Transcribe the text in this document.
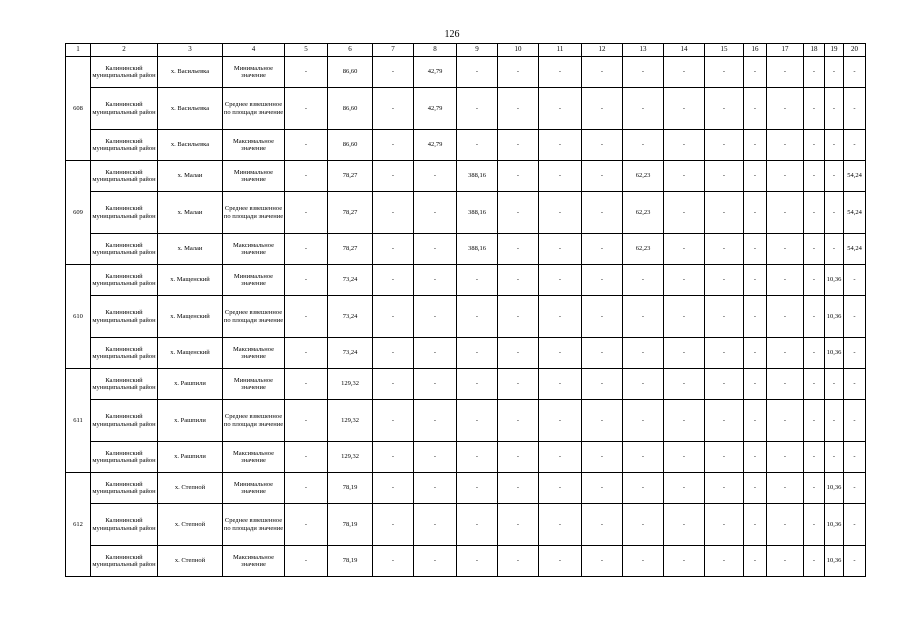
126
1	2	3	4	5	6	7	8	9	10	11	12	13	14	15	16	17	18	19	20
608	Калининский муниципальный район	х. Васильевка	Минимальное значение	-	86,60	-	42,79	-	-	-	-	-	-	-	-	-	-	-	-
	Калининский муниципальный район	х. Васильевка	Среднее взвешенное по площади значение	-	86,60	-	42,79	-	-	-	-	-	-	-	-	-	-	-	-
	Калининский муниципальный район	х. Васильевка	Максимальное значение	-	86,60	-	42,79	-	-	-	-	-	-	-	-	-	-	-	-
609	Калининский муниципальный район	х. Малаи	Минимальное значение	-	78,27	-	-	388,16	-	-	-	62,23	-	-	-	-	-	-	54,24
	Калининский муниципальный район	х. Малаи	Среднее взвешенное по площади значение	-	78,27	-	-	388,16	-	-	-	62,23	-	-	-	-	-	-	54,24
	Калининский муниципальный район	х. Малаи	Максимальное значение	-	78,27	-	-	388,16	-	-	-	62,23	-	-	-	-	-	-	54,24
610	Калининский муниципальный район	х. Мащенский	Минимальное значение	-	73,24	-	-	-	-	-	-	-	-	-	-	-	-	10,36	-
	Калининский муниципальный район	х. Мащенский	Среднее взвешенное по площади значение	-	73,24	-	-	-	-	-	-	-	-	-	-	-	-	10,36	-
	Калининский муниципальный район	х. Мащенский	Максимальное значение	-	73,24	-	-	-	-	-	-	-	-	-	-	-	-	10,36	-
611	Калининский муниципальный район	х. Рашпили	Минимальное значение	-	129,32	-	-	-	-	-	-	-	-	-	-	-	-	-	-
	Калининский муниципальный район	х. Рашпили	Среднее взвешенное по площади значение	-	129,32	-	-	-	-	-	-	-	-	-	-	-	-	-	-
	Калининский муниципальный район	х. Рашпили	Максимальное значение	-	129,32	-	-	-	-	-	-	-	-	-	-	-	-	-	-
612	Калининский муниципальный район	х. Степной	Минимальное значение	-	78,19	-	-	-	-	-	-	-	-	-	-	-	-	10,36	-
	Калининский муниципальный район	х. Степной	Среднее взвешенное по площади значение	-	78,19	-	-	-	-	-	-	-	-	-	-	-	-	10,36	-
	Калининский муниципальный район	х. Степной	Максимальное значение	-	78,19	-	-	-	-	-	-	-	-	-	-	-	-	10,36	-
